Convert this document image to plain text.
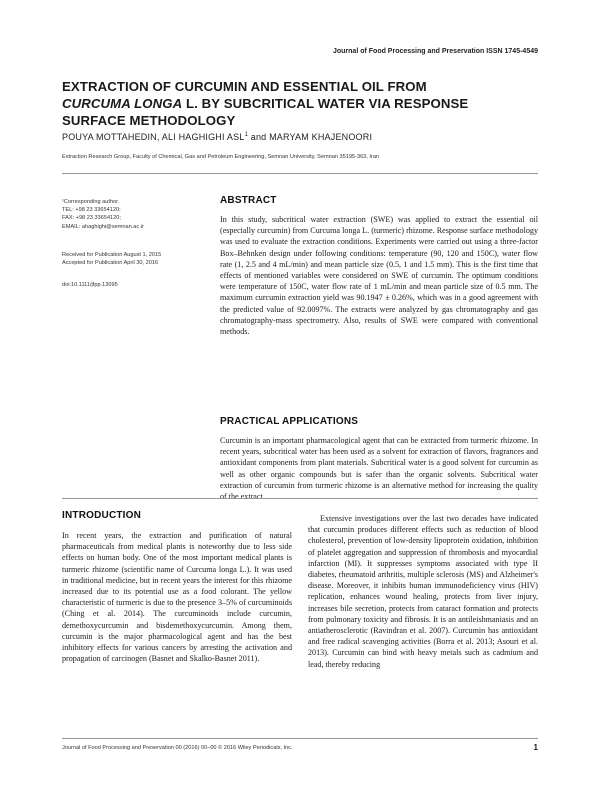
Journal of Food Processing and Preservation ISSN 1745-4549
EXTRACTION OF CURCUMIN AND ESSENTIAL OIL FROM
CURCUMA LONGA L. BY SUBCRITICAL WATER VIA RESPONSE
SURFACE METHODOLOGY
POUYA MOTTAHEDIN, ALI HAGHIGHI ASL$^1$ and MARYAM KHAJENOORI
Extraction Research Group, Faculty of Chemical, Gas and Petroleum Engineering, Semnan University, Semnan 35195-363, Iran
¹Corresponding author.
TEL: +98 23 33654120;
FAX: +98 23 33654120;
EMAIL: ahaghighi@semnan.ac.ir
Received for Publication August 1, 2015
Accepted for Publication April 30, 2016
doi:10.1111/jfpp.13095
ABSTRACT
In this study, subcritical water extraction (SWE) was applied to extract the essential oil (especially curcumin) from Curcuma longa L. (turmeric) rhizome. Response surface methodology was used to evaluate the extraction conditions. Experiments were carried out using a three-factor Box–Behnken design under following conditions: temperature (90, 120 and 150C), water flow rate (1, 2.5 and 4 mL/min) and mean particle size (0.5, 1 and 1.5 mm). This is the first time that effects of mentioned variables were considered on SWE of curcumin. The optimum conditions were temperature of 150C, water flow rate of 1 mL/min and mean particle size of 0.5 mm. The maximum curcumin extraction yield was 90.1947 ± 0.26%, which was in a good agreement with the predicted value of 92.0097%. The extracts were analyzed by gas chromatography and gas chromatography-mass spectrometry. Also, results of SWE were compared with conventional methods.
PRACTICAL APPLICATIONS
Curcumin is an important pharmacological agent that can be extracted from turmeric rhizome. In recent years, subcritical water has been used as a solvent for extraction of flavors, fragrances and antioxidant components from plant materials. Subcritical water is a good solvent for curcumin as well as other organic compounds but is safer than the organic solvents. Subcritical water extraction of curcumin from turmeric rhizome is an alternative method for increasing the quality of the extract.
INTRODUCTION

In recent years, the extraction and purification of natural pharmaceuticals from medical plants is noteworthy due to less side effects on human body. One of the most important medical plants is turmeric rhizome (scientific name of Curcuma longa L.). It was used in traditional medicine, but in recent years the interest for this rhizome increased due to its potential use as a food colorant. The yellow characteristic of turmeric is due to the presence 3–5% of curcuminoids (Ching et al. 2014). The curcuminoids include curcumin, demethoxycurcumin and bisdemethoxycurcumin. Among them, curcumin is the major pharmacological agent and has the best inhibitory effects for various cancers by arresting the activation and propagation of carcinogen (Basnet and Skalko-Basnet 2011).

Extensive investigations over the last two decades have indicated that curcumin produces different effects such as reduction of blood cholesterol, prevention of low-density lipoprotein oxidation, inhibition of platelet aggregation and suppression of thrombosis and myocardial infarction (MI). It suppresses symptoms associated with type II diabetes, rheumatoid arthritis, multiple sclerosis (MS) and Alzheimer's disease. Moreover, it inhibits human immunodeficiency virus (HIV) replication, enhances wound healing, protects from liver injury, increases bile secretion, protects from cataract formation and protects from pulmonary toxicity and fibrosis. It is an antileishmaniasis and an antiatherosclerotic (Ravindran et al. 2007). Curcumin has antioxidant and free radical scavenging activities (Borra et al. 2013; Asouri et al. 2013). Curcumin can bind with heavy metals such as cadmium and lead, thereby reducing

Journal of Food Processing and Preservation 00 (2016) 00–00 © 2016 Wiley Periodicals, Inc.	1
